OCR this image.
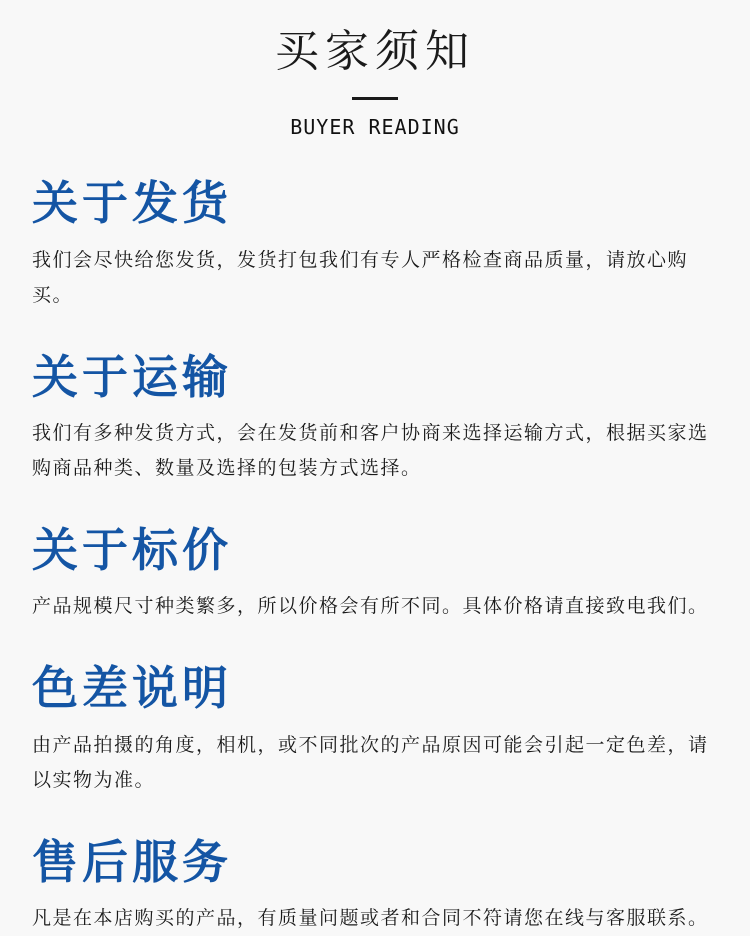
买家须知
BUYER READING
关于发货
我们会尽快给您发货，发货打包我们有专人严格检查商品质量，请放心购买。
关于运输
我们有多种发货方式，会在发货前和客户协商来选择运输方式，根据买家选购商品种类、数量及选择的包装方式选择。
关于标价
产品规模尺寸种类繁多，所以价格会有所不同。具体价格请直接致电我们。
色差说明
由产品拍摄的角度，相机，或不同批次的产品原因可能会引起一定色差，请以实物为准。
售后服务
凡是在本店购买的产品，有质量问题或者和合同不符请您在线与客服联系。
